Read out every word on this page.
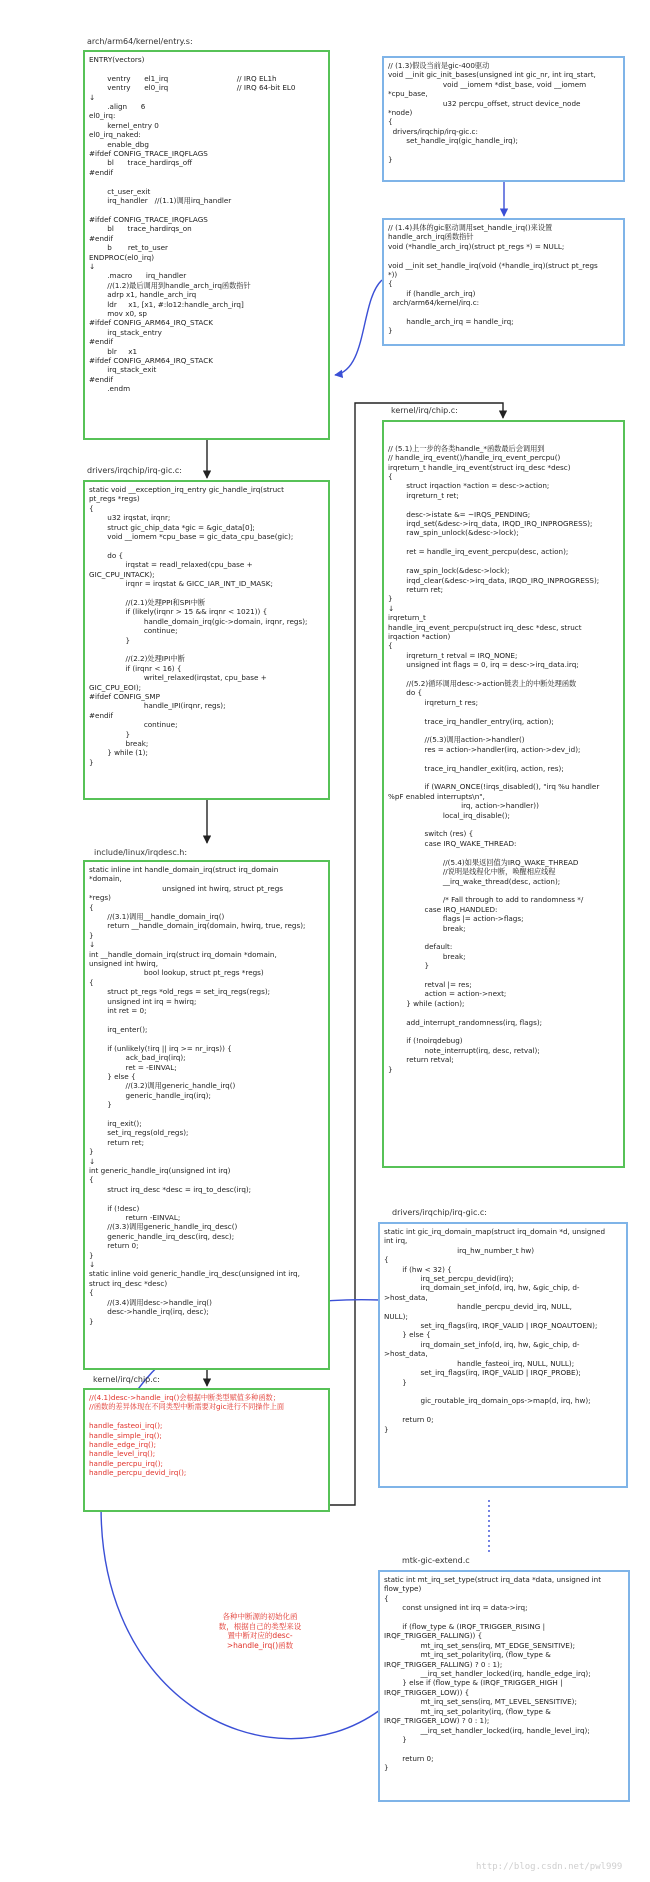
arch/arm64/kernel/entry.s:
ENTRY(vectors)

ventry      el1_irq                              // IRQ EL1h
ventry      el0_irq                              // IRQ 64-bit EL0
↓
.align      6
el0_irq:
kernel_entry 0
el0_irq_naked:
enable_dbg
#ifdef CONFIG_TRACE_IRQFLAGS
bl      trace_hardirqs_off
#endif

ct_user_exit
irq_handler   //(1.1)调用irq_handler

#ifdef CONFIG_TRACE_IRQFLAGS
bl      trace_hardirqs_on
#endif
b       ret_to_user
ENDPROC(el0_irq)
↓
.macro      irq_handler
//(1.2)最后调用到handle_arch_irq函数指针
adrp x1, handle_arch_irq
ldr     x1, [x1, #:lo12:handle_arch_irq]
mov x0, sp
#ifdef CONFIG_ARM64_IRQ_STACK
irq_stack_entry
#endif
blr     x1
#ifdef CONFIG_ARM64_IRQ_STACK
irq_stack_exit
#endif
.endm
// (1.3)假设当前是gic-400驱动
void __init gic_init_bases(unsigned int gic_nr, int irq_start,
void __iomem *dist_base, void __iomem
*cpu_base,
u32 percpu_offset, struct device_node
*node)
{
drivers/irqchip/irq-gic.c:
set_handle_irq(gic_handle_irq);

}
// (1.4)具体的gic驱动调用set_handle_irq()来设置
handle_arch_irq函数指针
void (*handle_arch_irq)(struct pt_regs *) = NULL;

void __init set_handle_irq(void (*handle_irq)(struct pt_regs
*))
{
if (handle_arch_irq)
arch/arm64/kernel/irq.c:

handle_arch_irq = handle_irq;
}
drivers/irqchip/irq-gic.c:
static void __exception_irq_entry gic_handle_irq(struct
pt_regs *regs)
{
u32 irqstat, irqnr;
struct gic_chip_data *gic = &gic_data[0];
void __iomem *cpu_base = gic_data_cpu_base(gic);

do {
irqstat = readl_relaxed(cpu_base +
GIC_CPU_INTACK);
irqnr = irqstat & GICC_IAR_INT_ID_MASK;

//(2.1)处理PPI和SPI中断
if (likely(irqnr > 15 && irqnr < 1021)) {
handle_domain_irq(gic->domain, irqnr, regs);
continue;
}

//(2.2)处理IPI中断
if (irqnr < 16) {
writel_relaxed(irqstat, cpu_base +
GIC_CPU_EOI);
#ifdef CONFIG_SMP
handle_IPI(irqnr, regs);
#endif
continue;
}
break;
} while (1);
}
include/linux/irqdesc.h:
static inline int handle_domain_irq(struct irq_domain
*domain,
unsigned int hwirq, struct pt_regs
*regs)
{
//(3.1)调用__handle_domain_irq()
return __handle_domain_irq(domain, hwirq, true, regs);
}
↓
int __handle_domain_irq(struct irq_domain *domain,
unsigned int hwirq,
bool lookup, struct pt_regs *regs)
{
struct pt_regs *old_regs = set_irq_regs(regs);
unsigned int irq = hwirq;
int ret = 0;

irq_enter();

if (unlikely(!irq || irq >= nr_irqs)) {
ack_bad_irq(irq);
ret = -EINVAL;
} else {
//(3.2)调用generic_handle_irq()
generic_handle_irq(irq);
}

irq_exit();
set_irq_regs(old_regs);
return ret;
}
↓
int generic_handle_irq(unsigned int irq)
{
struct irq_desc *desc = irq_to_desc(irq);

if (!desc)
return -EINVAL;
//(3.3)调用generic_handle_irq_desc()
generic_handle_irq_desc(irq, desc);
return 0;
}
↓
static inline void generic_handle_irq_desc(unsigned int irq,
struct irq_desc *desc)
{
//(3.4)调用desc->handle_irq()
desc->handle_irq(irq, desc);
}
kernel/irq/chip.c:
//(4.1)desc->handle_irq()会根据中断类型赋值多种函数；
//函数的差异体现在不同类型中断需要对gic进行不同操作上面

handle_fasteoi_irq();
handle_simple_irq();
handle_edge_irq();
handle_level_irq();
handle_percpu_irq();
handle_percpu_devid_irq();
kernel/irq/chip.c:

// (5.1)上一步的各类handle_*函数最后会调用到
// handle_irq_event()/handle_irq_event_percpu()
irqreturn_t handle_irq_event(struct irq_desc *desc)
{
struct irqaction *action = desc->action;
irqreturn_t ret;

desc->istate &= ~IRQS_PENDING;
irqd_set(&desc->irq_data, IRQD_IRQ_INPROGRESS);
raw_spin_unlock(&desc->lock);

ret = handle_irq_event_percpu(desc, action);

raw_spin_lock(&desc->lock);
irqd_clear(&desc->irq_data, IRQD_IRQ_INPROGRESS);
return ret;
}
↓
irqreturn_t
handle_irq_event_percpu(struct irq_desc *desc, struct
irqaction *action)
{
irqreturn_t retval = IRQ_NONE;
unsigned int flags = 0, irq = desc->irq_data.irq;

//(5.2)循环调用desc->action链表上的中断处理函数
do {
irqreturn_t res;

trace_irq_handler_entry(irq, action);

//(5.3)调用action->handler()
res = action->handler(irq, action->dev_id);

trace_irq_handler_exit(irq, action, res);

if (WARN_ONCE(!irqs_disabled(), "irq %u handler
%pF enabled interrupts\n",
irq, action->handler))
local_irq_disable();

switch (res) {
case IRQ_WAKE_THREAD:

//(5.4)如果返回值为IRQ_WAKE_THREAD
//说明是线程化中断，唤醒相应线程
__irq_wake_thread(desc, action);

/* Fall through to add to randomness */
case IRQ_HANDLED:
flags |= action->flags;
break;

default:
break;
}

retval |= res;
action = action->next;
} while (action);

add_interrupt_randomness(irq, flags);

if (!noirqdebug)
note_interrupt(irq, desc, retval);
return retval;
}
drivers/irqchip/irq-gic.c:
static int gic_irq_domain_map(struct irq_domain *d, unsigned
int irq,
irq_hw_number_t hw)
{
if (hw < 32) {
irq_set_percpu_devid(irq);
irq_domain_set_info(d, irq, hw, &gic_chip, d-
>host_data,
handle_percpu_devid_irq, NULL,
NULL);
set_irq_flags(irq, IRQF_VALID | IRQF_NOAUTOEN);
} else {
irq_domain_set_info(d, irq, hw, &gic_chip, d-
>host_data,
handle_fasteoi_irq, NULL, NULL);
set_irq_flags(irq, IRQF_VALID | IRQF_PROBE);
}

gic_routable_irq_domain_ops->map(d, irq, hw);

return 0;
}
mtk-gic-extend.c
static int mt_irq_set_type(struct irq_data *data, unsigned int
flow_type)
{
const unsigned int irq = data->irq;

if (flow_type & (IRQF_TRIGGER_RISING |
IRQF_TRIGGER_FALLING)) {
mt_irq_set_sens(irq, MT_EDGE_SENSITIVE);
mt_irq_set_polarity(irq, (flow_type &
IRQF_TRIGGER_FALLING) ? 0 : 1);
__irq_set_handler_locked(irq, handle_edge_irq);
} else if (flow_type & (IRQF_TRIGGER_HIGH |
IRQF_TRIGGER_LOW)) {
mt_irq_set_sens(irq, MT_LEVEL_SENSITIVE);
mt_irq_set_polarity(irq, (flow_type &
IRQF_TRIGGER_LOW) ? 0 : 1);
__irq_set_handler_locked(irq, handle_level_irq);
}

return 0;
}
各种中断源的初始化函
数，根据自己的类型来设
置中断对应的desc-
>handle_irq()函数
http://blog.csdn.net/pwl999
